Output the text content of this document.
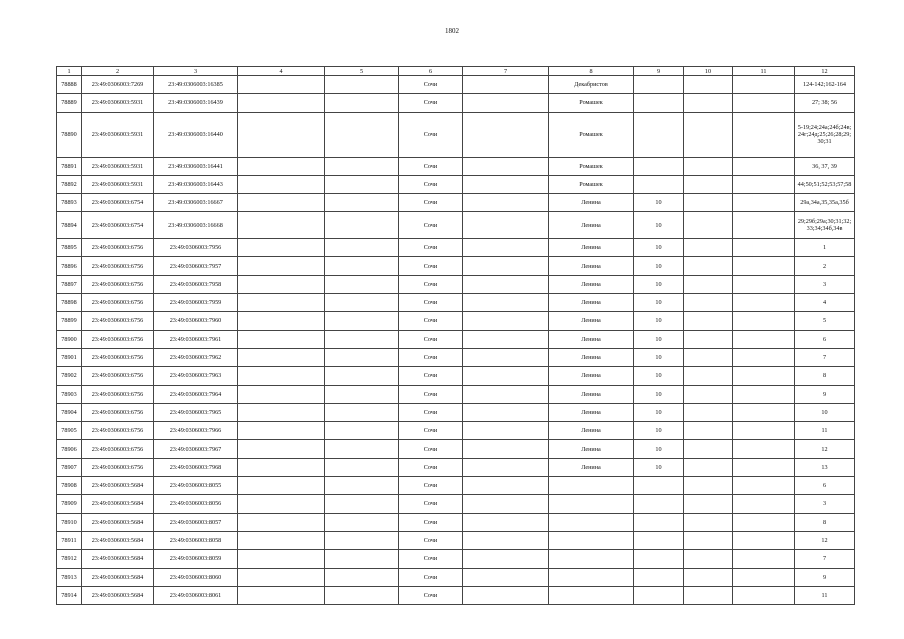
1802
1	2	3	4	5	6	7	8	9	10	11	12
78888	23:49:0306003:7269	23:49:0306003:16385			Сочи		Декабристов				124-142;162-164
78889	23:49:0306003:5931	23:49:0306003:16439			Сочи		Ромашек				27; 38; 56
78890	23:49:0306003:5931	23:49:0306003:16440			Сочи		Ромашек				5-19;24;24а;24б;24в;24г;24д;25;26;28;29;30;31
78891	23:49:0306003:5931	23:49:0306003:16441			Сочи		Ромашек				36, 37, 39
78892	23:49:0306003:5931	23:49:0306003:16443			Сочи		Ромашек				44;50;51;52;53;57;58
78893	23:49:0306003:6754	23:49:0306003:16667			Сочи		Ленина	10			29а,34а,35,35а,35б
78894	23:49:0306003:6754	23:49:0306003:16668			Сочи		Ленина	10			29;29б;29а;30;31;32;33;34;34б,34в
78895	23:49:0306003:6756	23:49:0306003:7956			Сочи		Ленина	10			1
78896	23:49:0306003:6756	23:49:0306003:7957			Сочи		Ленина	10			2
78897	23:49:0306003:6756	23:49:0306003:7958			Сочи		Ленина	10			3
78898	23:49:0306003:6756	23:49:0306003:7959			Сочи		Ленина	10			4
78899	23:49:0306003:6756	23:49:0306003:7960			Сочи		Ленина	10			5
78900	23:49:0306003:6756	23:49:0306003:7961			Сочи		Ленина	10			6
78901	23:49:0306003:6756	23:49:0306003:7962			Сочи		Ленина	10			7
78902	23:49:0306003:6756	23:49:0306003:7963			Сочи		Ленина	10			8
78903	23:49:0306003:6756	23:49:0306003:7964			Сочи		Ленина	10			9
78904	23:49:0306003:6756	23:49:0306003:7965			Сочи		Ленина	10			10
78905	23:49:0306003:6756	23:49:0306003:7966			Сочи		Ленина	10			11
78906	23:49:0306003:6756	23:49:0306003:7967			Сочи		Ленина	10			12
78907	23:49:0306003:6756	23:49:0306003:7968			Сочи		Ленина	10			13
78908	23:49:0306003:5684	23:49:0306003:8055			Сочи						6
78909	23:49:0306003:5684	23:49:0306003:8056			Сочи						3
78910	23:49:0306003:5684	23:49:0306003:8057			Сочи						8
78911	23:49:0306003:5684	23:49:0306003:8058			Сочи						12
78912	23:49:0306003:5684	23:49:0306003:8059			Сочи						7
78913	23:49:0306003:5684	23:49:0306003:8060			Сочи						9
78914	23:49:0306003:5684	23:49:0306003:8061			Сочи						11
